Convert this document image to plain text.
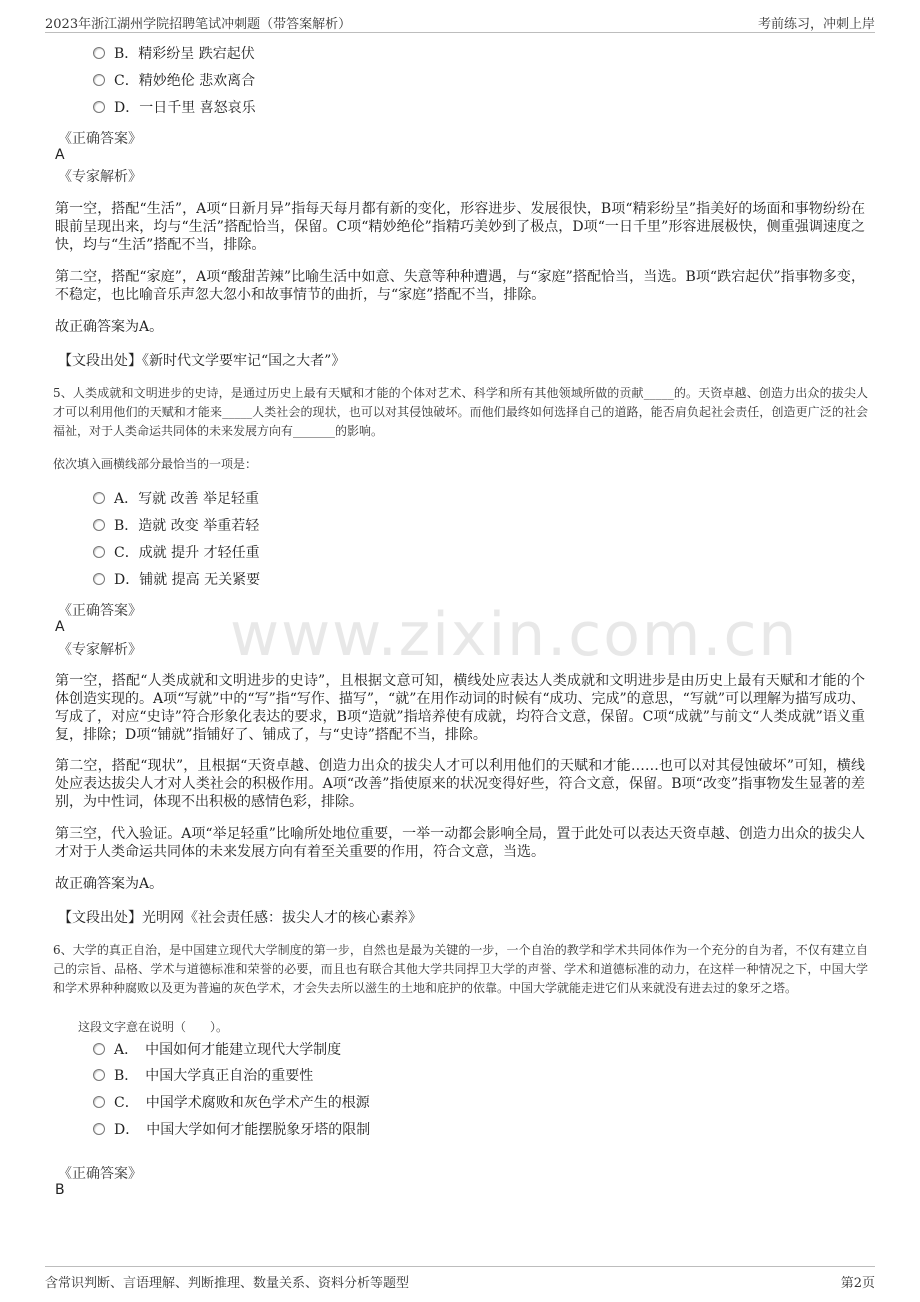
2023年浙江湖州学院招聘笔试冲刺题（带答案解析）	考前练习，冲刺上岸
www.zixin.com.cn
B．精彩纷呈 跌宕起伏
C．精妙绝伦 悲欢离合
D．一日千里 喜怒哀乐
《正确答案》
A
《专家解析》
第一空，搭配“生活”，A项“日新月异”指每天每月都有新的变化，形容进步、发展很快，B项“精彩纷呈”指美好的场面和事物纷纷在眼前呈现出来，均与“生活”搭配恰当，保留。C项“精妙绝伦”指精巧美妙到了极点，D项“一日千里”形容进展极快，侧重强调速度之快，均与“生活”搭配不当，排除。
第二空，搭配“家庭”，A项“酸甜苦辣”比喻生活中如意、失意等种种遭遇，与“家庭”搭配恰当，当选。B项“跌宕起伏”指事物多变，不稳定，也比喻音乐声忽大忽小和故事情节的曲折，与“家庭”搭配不当，排除。
故正确答案为A。
【文段出处】《新时代文学要牢记“国之大者”》
5、人类成就和文明进步的史诗，是通过历史上最有天赋和才能的个体对艺术、科学和所有其他领域所做的贡献_____的。天资卓越、创造力出众的拔尖人才可以利用他们的天赋和才能来_____人类社会的现状，也可以对其侵蚀破坏。而他们最终如何选择自己的道路，能否肩负起社会责任，创造更广泛的社会福祉，对于人类命运共同体的未来发展方向有_______的影响。
依次填入画横线部分最恰当的一项是：
A．写就 改善 举足轻重
B．造就 改变 举重若轻
C．成就 提升 才轻任重
D．铺就 提高 无关紧要
《正确答案》
A
《专家解析》
第一空，搭配“人类成就和文明进步的史诗”，且根据文意可知，横线处应表达人类成就和文明进步是由历史上最有天赋和才能的个体创造实现的。A项“写就”中的“写”指“写作、描写”，“就”在用作动词的时候有“成功、完成”的意思，“写就”可以理解为描写成功、写成了，对应“史诗”符合形象化表达的要求，B项“造就”指培养使有成就，均符合文意，保留。C项“成就”与前文“人类成就”语义重复，排除；D项“铺就”指铺好了、铺成了，与“史诗”搭配不当，排除。
第二空，搭配“现状”，且根据“天资卓越、创造力出众的拔尖人才可以利用他们的天赋和才能……也可以对其侵蚀破坏”可知，横线处应表达拔尖人才对人类社会的积极作用。A项“改善”指使原来的状况变得好些，符合文意，保留。B项“改变”指事物发生显著的差别，为中性词，体现不出积极的感情色彩，排除。
第三空，代入验证。A项“举足轻重”比喻所处地位重要，一举一动都会影响全局，置于此处可以表达天资卓越、创造力出众的拔尖人才对于人类命运共同体的未来发展方向有着至关重要的作用，符合文意，当选。
故正确答案为A。
【文段出处】光明网《社会责任感：拔尖人才的核心素养》
6、大学的真正自治，是中国建立现代大学制度的第一步，自然也是最为关键的一步，一个自治的教学和学术共同体作为一个充分的自为者，不仅有建立自己的宗旨、品格、学术与道德标准和荣誉的必要，而且也有联合其他大学共同捍卫大学的声誉、学术和道德标准的动力，在这样一种情况之下，中国大学和学术界种种腐败以及更为普遍的灰色学术，才会失去所以滋生的土地和庇护的依靠。中国大学就能走进它们从来就没有进去过的象牙之塔。
这段文字意在说明（　　）。
A．　中国如何才能建立现代大学制度
B．　中国大学真正自治的重要性
C．　中国学术腐败和灰色学术产生的根源
D．　中国大学如何才能摆脱象牙塔的限制
《正确答案》
B
含常识判断、言语理解、判断推理、数量关系、资料分析等题型	第2页
